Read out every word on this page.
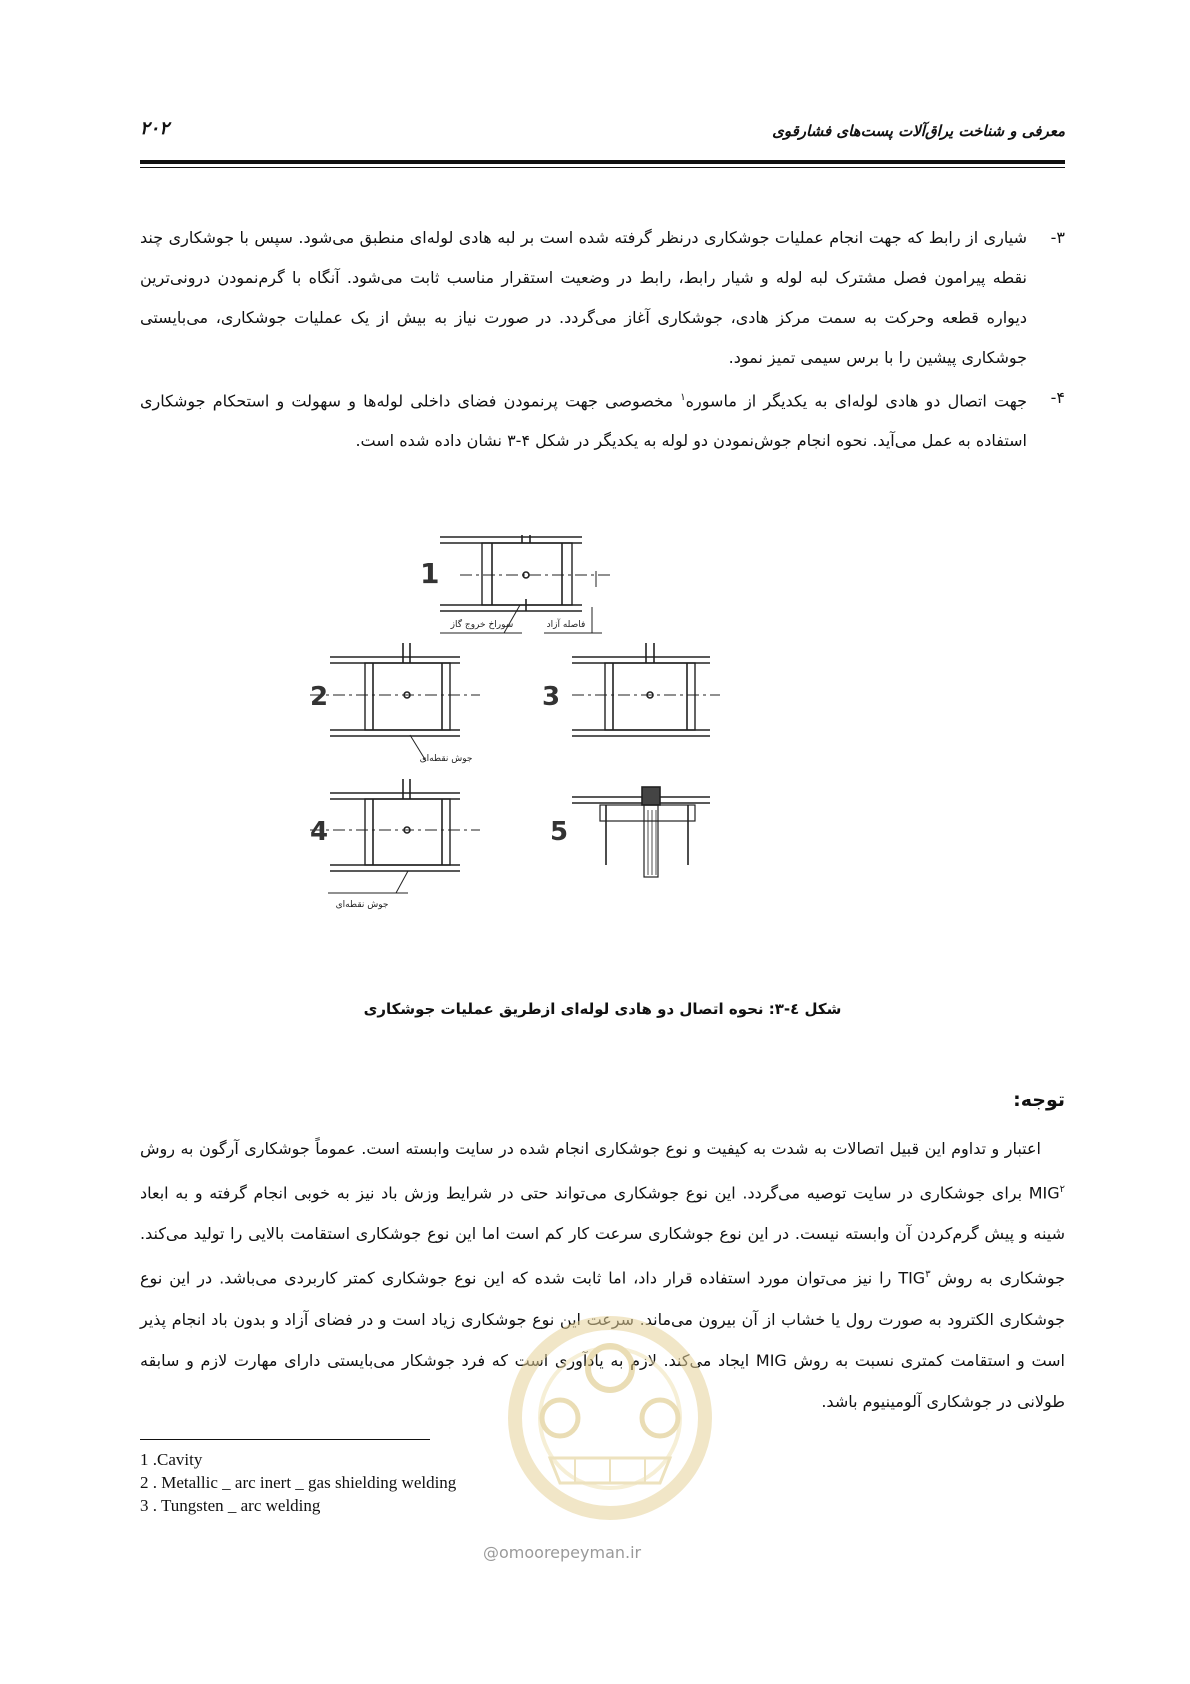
۲۰۲	معرفی و شناخت یراق‌آلات پست‌های فشارقوی
۳-
شیاری از رابط که جهت انجام عملیات جوشکاری درنظر گرفته شده است بر لبه هادی لوله‌ای منطبق می‌شود. سپس با جوشکاری چند نقطه پیرامون فصل مشترک لبه لوله و شیار رابط، رابط در وضعیت استقرار مناسب ثابت می‌شود. آنگاه با گرم‌نمودن درونی‌ترین دیواره قطعه وحرکت به سمت مرکز هادی، جوشکاری آغاز می‌گردد. در صورت نیاز به بیش از یک عملیات جوشکاری، می‌بایستی جوشکاری پیشین را با برس سیمی تمیز نمود.
۴-
جهت اتصال دو هادی لوله‌ای به یکدیگر از ماسوره$^۱$ مخصوصی جهت پرنمودن فضای داخلی لوله‌ها و سهولت و استحکام جوشکاری استفاده به عمل می‌آید. نحوه انجام جوش‌نمودن دو لوله به یکدیگر در شکل ۴-۳ نشان داده شده است.
1
سوراخ خروج گاز	فاصله آزاد
2
جوش نقطه‌ای
3
4
جوش نقطه‌ای
5
شکل ٤-٣: نحوه اتصال دو هادی لوله‌ای ازطریق عملیات جوشکاری
توجه:
اعتبار و تداوم این قبیل اتصالات به شدت به کیفیت و نوع جوشکاری انجام شده در سایت وابسته است. عموماً جوشکاری آرگون به روش MIG$^۲$ برای جوشکاری در سایت توصیه می‌گردد. این نوع جوشکاری می‌تواند حتی در شرایط وزش باد نیز به خوبی انجام گرفته و به ابعاد شینه و پیش گرم‌کردن آن وابسته نیست. در این نوع جوشکاری سرعت کار کم است اما این نوع جوشکاری استقامت بالایی را تولید می‌کند. جوشکاری به روش TIG$^۳$ را نیز می‌توان مورد استفاده قرار داد، اما ثابت شده که این نوع جوشکاری کمتر کاربردی می‌باشد. در این نوع جوشکاری الکترود به صورت رول یا خشاب از آن بیرون می‌ماند. سرعت این نوع جوشکاری زیاد است و در فضای آزاد و بدون باد انجام پذیر است و استقامت کمتری نسبت به روش MIG ایجاد می‌کند. لازم به یادآوری است که فرد جوشکار می‌بایستی دارای مهارت لازم و سابقه طولانی در جوشکاری آلومینیوم باشد.
1 .Cavity
2 . Metallic _ arc inert _ gas shielding welding
3 . Tungsten _ arc welding
@omoorepeyman.ir
